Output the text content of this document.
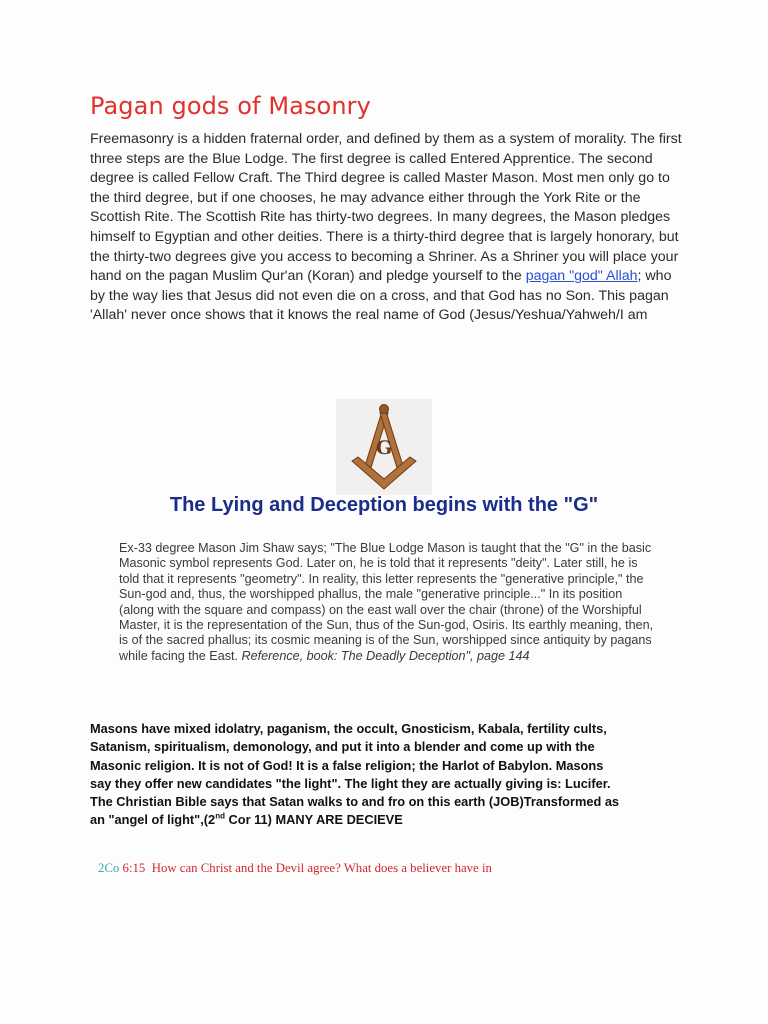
Pagan gods of Masonry
Freemasonry is a hidden fraternal order, and defined by them as a system of morality. The first three steps are the Blue Lodge. The first degree is called Entered Apprentice. The second degree is called Fellow Craft. The Third degree is called Master Mason. Most men only go to the third degree, but if one chooses, he may advance either through the York Rite or the Scottish Rite. The Scottish Rite has thirty-two degrees. In many degrees, the Mason pledges himself to Egyptian and other deities. There is a thirty-third degree that is largely honorary, but the thirty-two degrees give you access to becoming a Shriner. As a Shriner you will place your hand on the pagan Muslim Qur'an (Koran) and pledge yourself to the pagan "god" Allah; who by the way lies that Jesus did not even die on a cross, and that God has no Son. This pagan 'Allah' never once shows that it knows the real name of God (Jesus/Yeshua/Yahweh/I am
G
The Lying and Deception begins with the "G"
Ex-33 degree Mason Jim Shaw says; "The Blue Lodge Mason is taught that the "G" in the basic Masonic symbol represents God. Later on, he is told that it represents "deity". Later still, he is told that it represents "geometry". In reality, this letter represents the "generative principle," the Sun-god and, thus, the worshipped phallus, the male "generative principle..." In its position (along with the square and compass) on the east wall over the chair (throne) of the Worshipful Master, it is the representation of the Sun, thus of the Sun-god, Osiris. Its earthly meaning, then, is of the sacred phallus; its cosmic meaning is of the Sun, worshipped since antiquity by pagans while facing the East. Reference, book: The Deadly Deception", page 144
Masons have mixed idolatry, paganism, the occult, Gnosticism, Kabala, fertility cults, Satanism, spiritualism, demonology, and put it into a blender and come up with the Masonic religion. It is not of God! It is a false religion; the Harlot of Babylon. Masons say they offer new candidates "the light". The light they are actually giving is: Lucifer. The Christian Bible says that Satan walks to and fro on this earth (JOB)Transformed as an "angel of light",(2nd Cor 11) MANY ARE DECIEVE
2Co 6:15 How can Christ and the Devil agree? What does a believer have in
